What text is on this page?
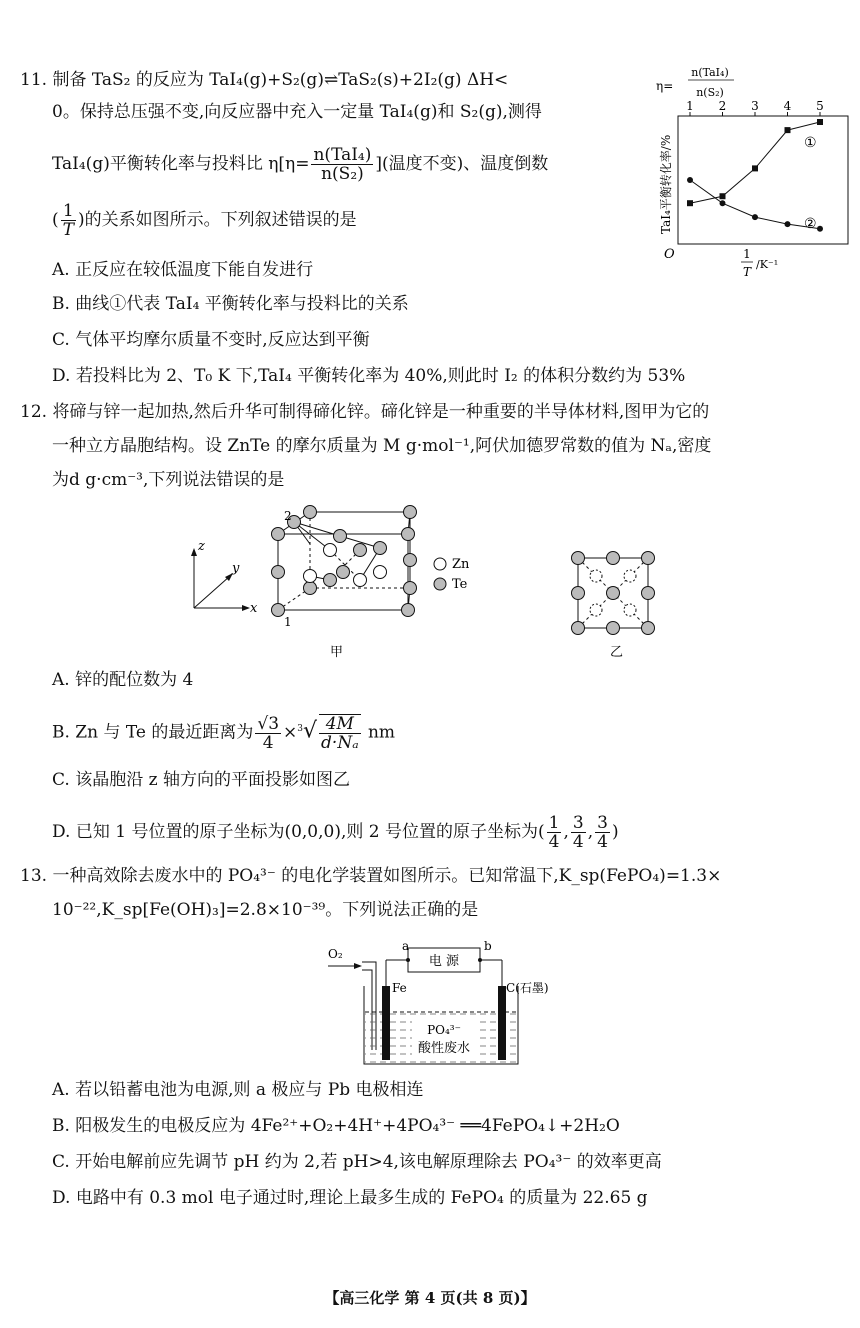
11. 制备 TaS₂ 的反应为 TaI₄(g)+S₂(g)⇌TaS₂(s)+2I₂(g) ΔH<
0。保持总压强不变,向反应器中充入一定量 TaI₄(g)和 S₂(g),测得
TaI₄(g)平衡转化率与投料比 $\eta[\eta= \frac{\text{n(TaI₄)}}{\text{n(S₂)}}$ ](温度不变)、温度倒数
( $\frac{1}{T}$ )的关系如图所示。下列叙述错误的是
A. 正反应在较低温度下能自发进行
B. 曲线①代表 TaI₄ 平衡转化率与投料比的关系
C. 气体平均摩尔质量不变时,反应达到平衡
D. 若投料比为 2、T₀ K 下,TaI₄ 平衡转化率为 40%,则此时 I₂ 的体积分数约为 53%
η=
n(TaI₄)
n(S₂)
1 2 3 4 5
TaI₄平衡转化率/%
O	1
T
/K⁻¹
①
②
12. 将碲与锌一起加热,然后升华可制得碲化锌。碲化锌是一种重要的半导体材料,图甲为它的
一种立方晶胞结构。设 ZnTe 的摩尔质量为 M g·mol⁻¹,阿伏加德罗常数的值为 Nₐ,密度
为d g·cm⁻³,下列说法错误的是
z
y
x
2
1
Zn
Te
甲	乙
A. 锌的配位数为 4
B. Zn 与 Te 的最近距离为 $\frac{√3}{4} \times^3√ \frac{4M}{\text{d·Nₐ}}$ nm
C. 该晶胞沿 z 轴方向的平面投影如图乙
D. 已知 1 号位置的原子坐标为(0,0,0),则 2 号位置的原子坐标为( $\frac{1}{4}$ , $\frac{3}{4}$ , $\frac{3}{4}$ )
13. 一种高效除去废水中的 PO₄³⁻ 的电化学装置如图所示。已知常温下,K_sp(FePO₄)=1.3×
10⁻²²,K_sp[Fe(OH)₃]=2.8×10⁻³⁹。下列说法正确的是
O₂	电 源
a	b
Fe	C(石墨)
PO₄³⁻
酸性废水
A. 若以铅蓄电池为电源,则 a 极应与 Pb 电极相连
B. 阳极发生的电极反应为 4Fe²⁺+O₂+4H⁺+4PO₄³⁻ ══4FePO₄↓+2H₂O
C. 开始电解前应先调节 pH 约为 2,若 pH>4,该电解原理除去 PO₄³⁻ 的效率更高
D. 电路中有 0.3 mol 电子通过时,理论上最多生成的 FePO₄ 的质量为 22.65 g
【高三化学 第 4 页(共 8 页)】
